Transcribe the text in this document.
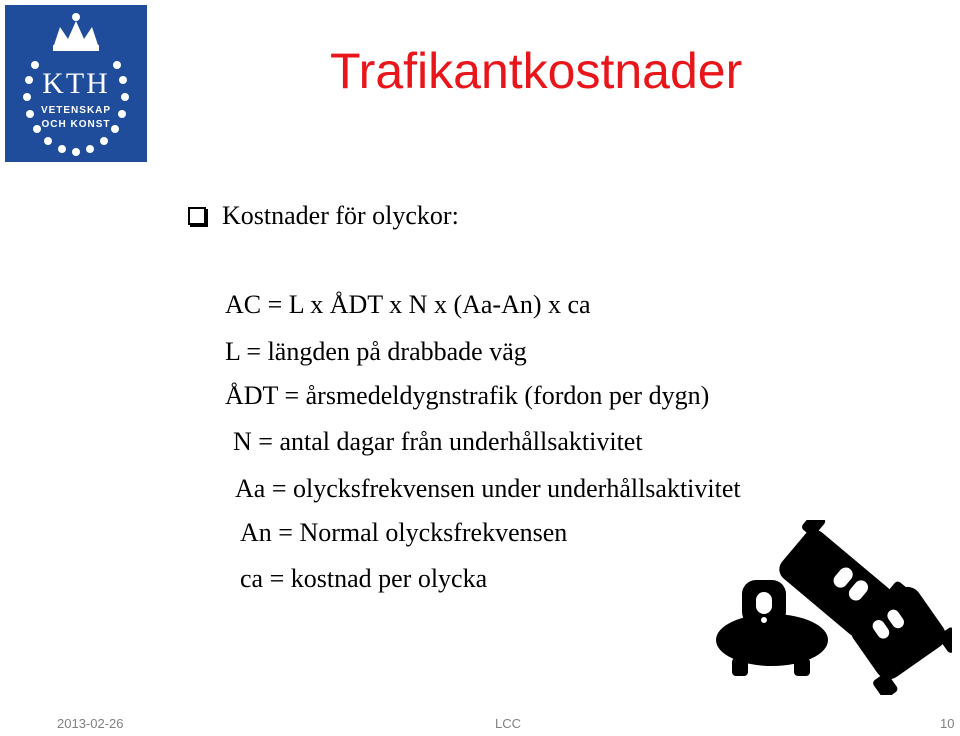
KTH
VETENSKAP
OCH KONST
Trafikantkostnader
Kostnader för olyckor:
AC = L x ÅDT x N x (Aa-An) x ca
L = längden på drabbade väg
ÅDT = årsmedeldygnstrafik (fordon per dygn)
N = antal dagar från underhållsaktivitet
Aa = olycksfrekvensen under underhållsaktivitet
An = Normal olycksfrekvensen
ca = kostnad per olycka
2013-02-26	LCC	10
